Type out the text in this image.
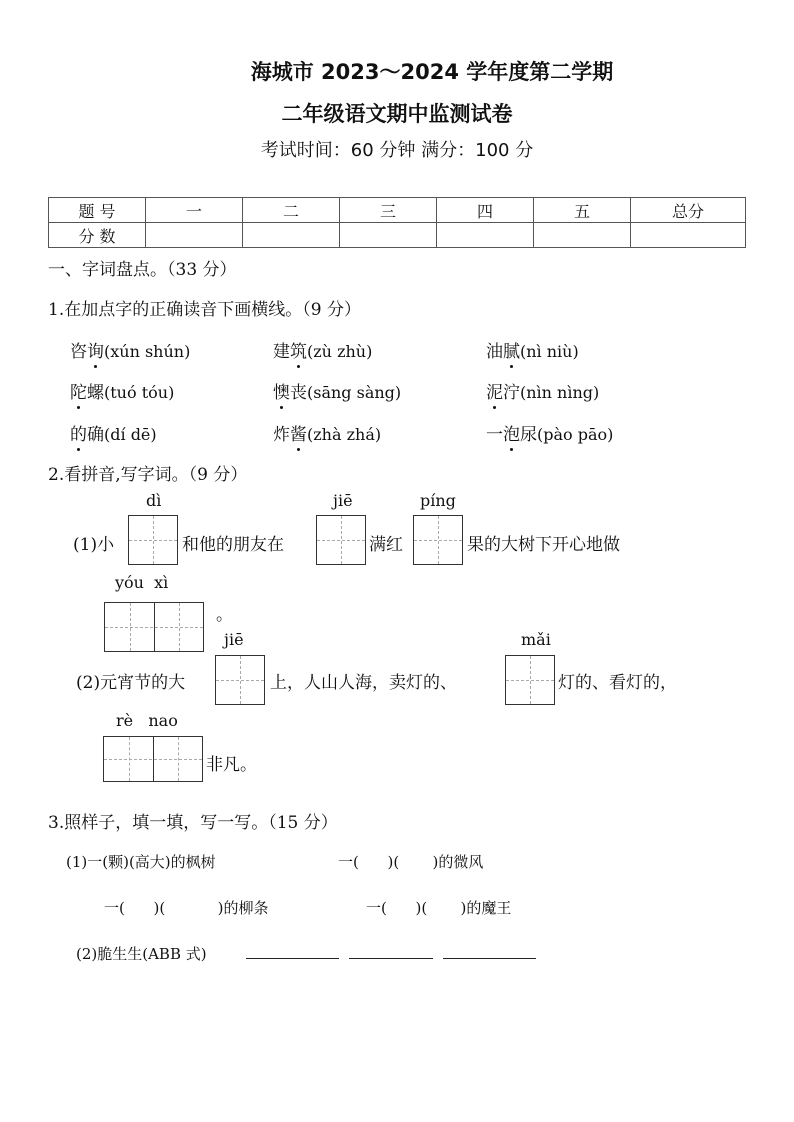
海城市 2023～2024 学年度第二学期
二年级语文期中监测试卷
考试时间：60 分钟 满分：100 分
题 号	一	二	三	四	五	总分
分 数						
一、字词盘点。（33 分）
1.在加点字的正确读音下画横线。（9 分）
咨询(xún shún)	建筑(zù zhù)	油腻(nì niù)
陀螺(tuó tóu)	懊丧(sāng sàng)	泥泞(nìn nìng)
的确(dí dē)	炸酱(zhà zhá)	一泡尿(pào pāo)
2.看拼音,写字词。（9 分）
dì	jiē	píng
(1)小	和他的朋友在	满红	果的大树下开心地做
yóu  xì
。
jiē	mǎi
(2)元宵节的大	上，人山人海，卖灯的、	灯的、看灯的，
rè   nao
非凡。
3.照样子，填一填，写一写。（15 分）
(1)一(颗)(高大)的枫树	一(      )(       )的微风
一(      )(           )的柳条	一(      )(       )的魔王
(2)脆生生(ABB 式)
